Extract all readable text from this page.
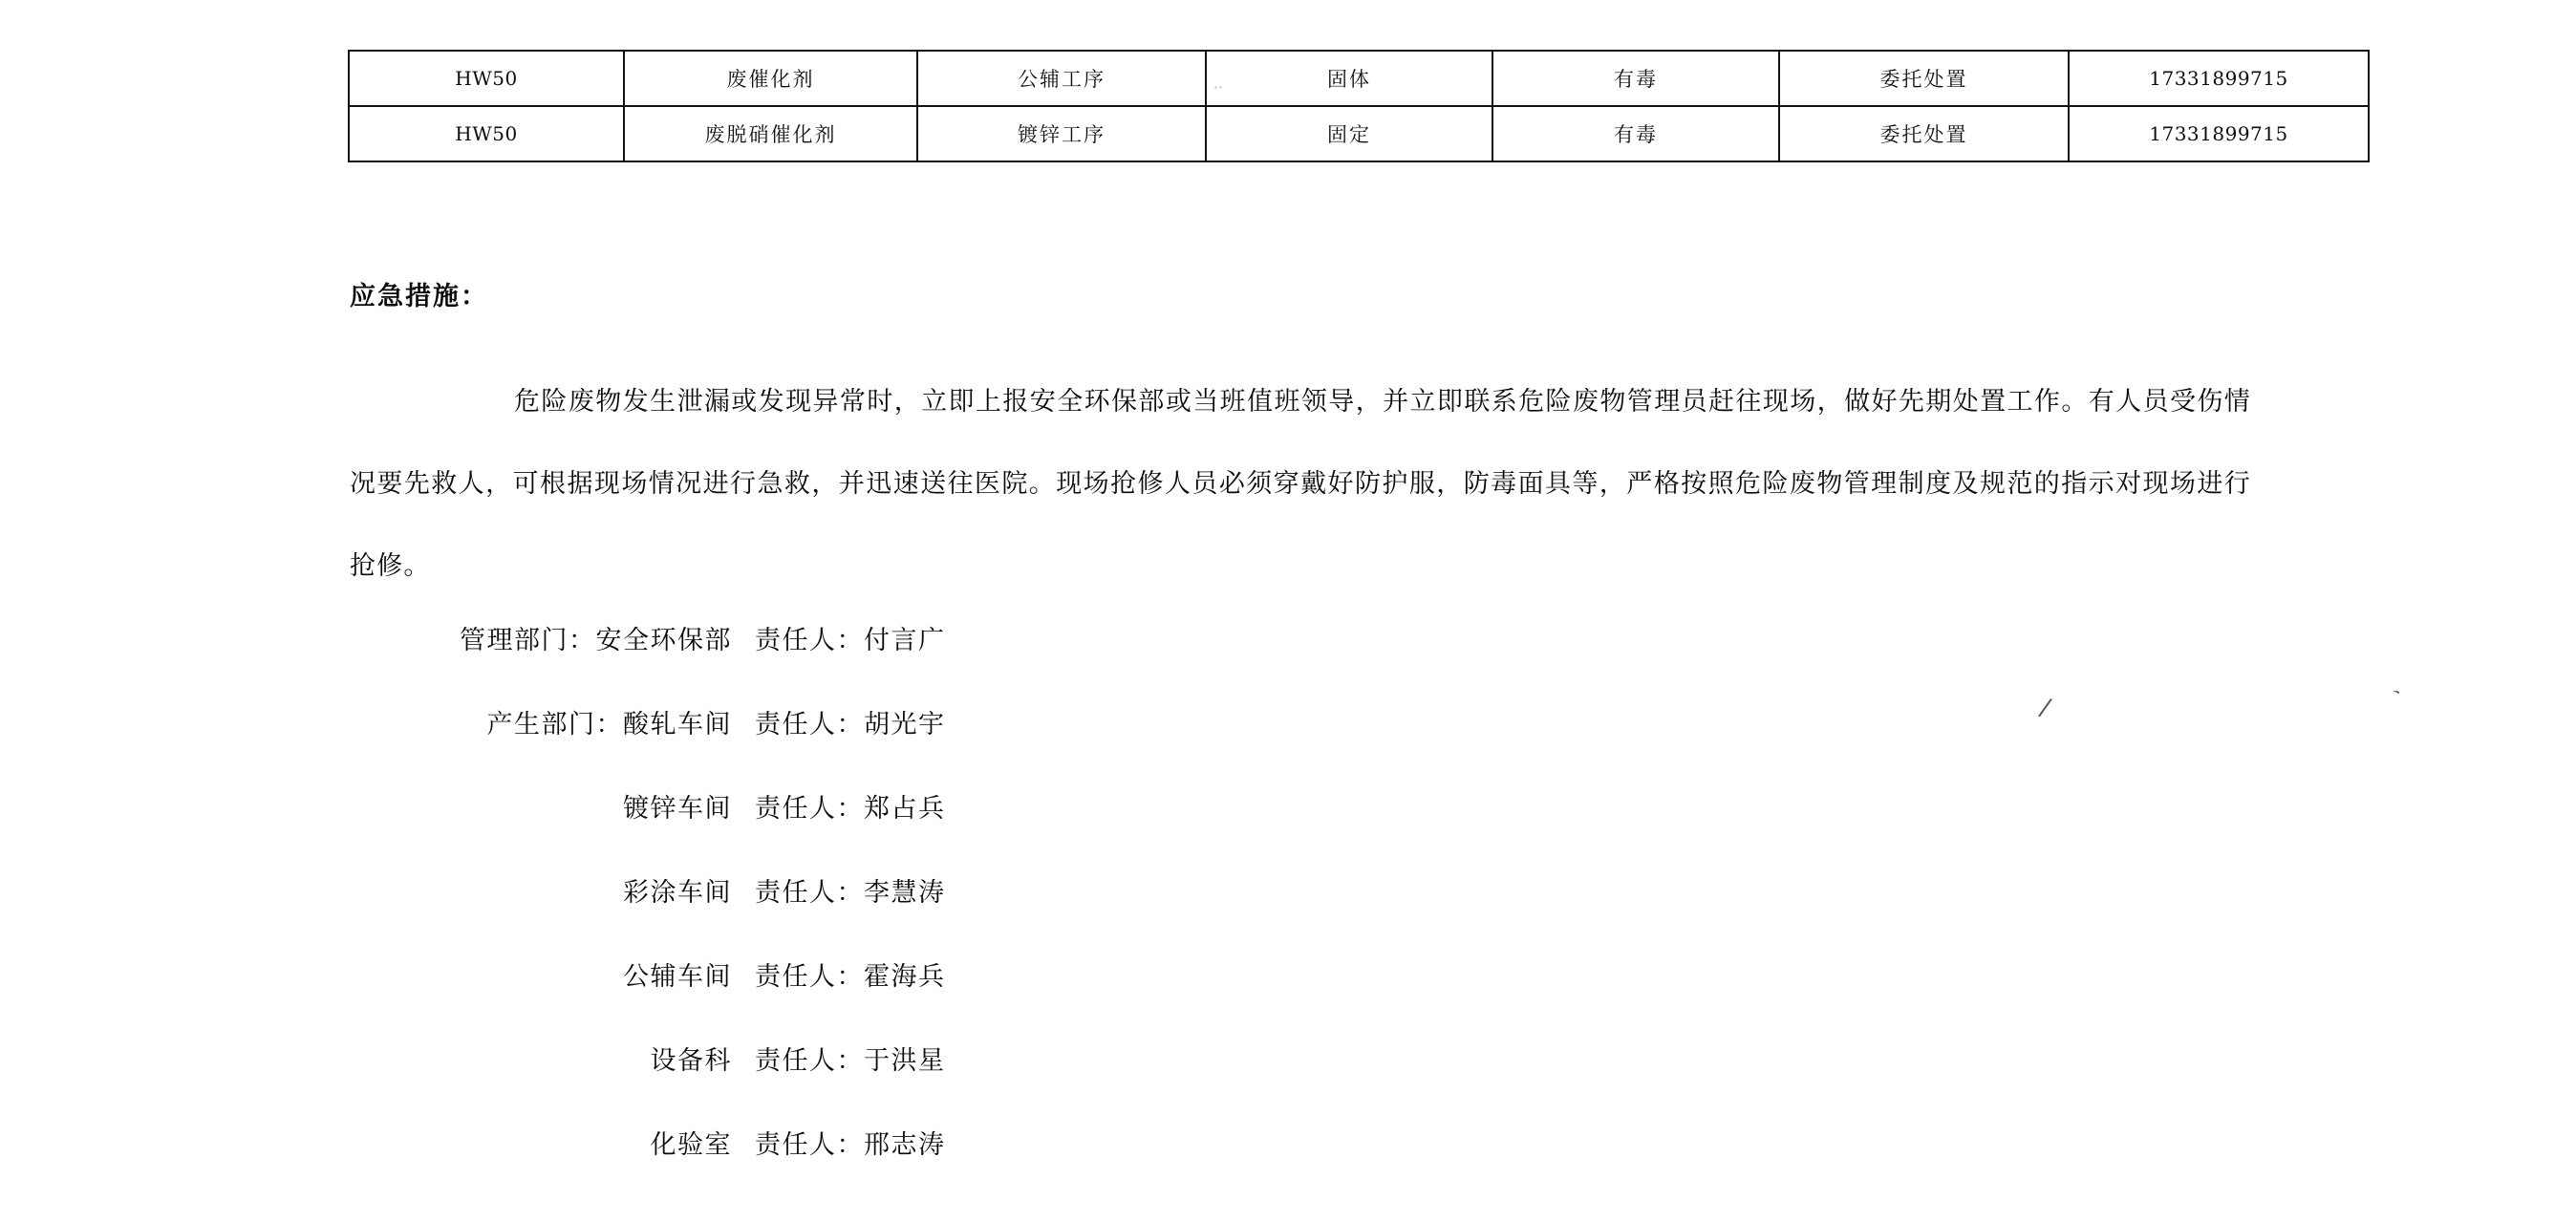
HW50	废催化剂	公辅工序	固体	有毒	委托处置	17331899715
HW50	废脱硝催化剂	镀锌工序	固定	有毒	委托处置	17331899715
应急措施：
危险废物发生泄漏或发现异常时，立即上报安全环保部或当班值班领导，并立即联系危险废物管理员赶往现场，做好先期处置工作。有人员受伤情况要先救人，可根据现场情况进行急救，并迅速送往医院。现场抢修人员必须穿戴好防护服，防毒面具等，严格按照危险废物管理制度及规范的指示对现场进行抢修。
管理部门：安全环保部 责任人：付言广
产生部门：酸轧车间 责任人：胡光宇
镀锌车间 责任人：郑占兵
彩涂车间 责任人：李慧涛
公辅车间 责任人：霍海兵
设备科 责任人：于洪星
化验室 责任人：邢志涛
/
、
··
